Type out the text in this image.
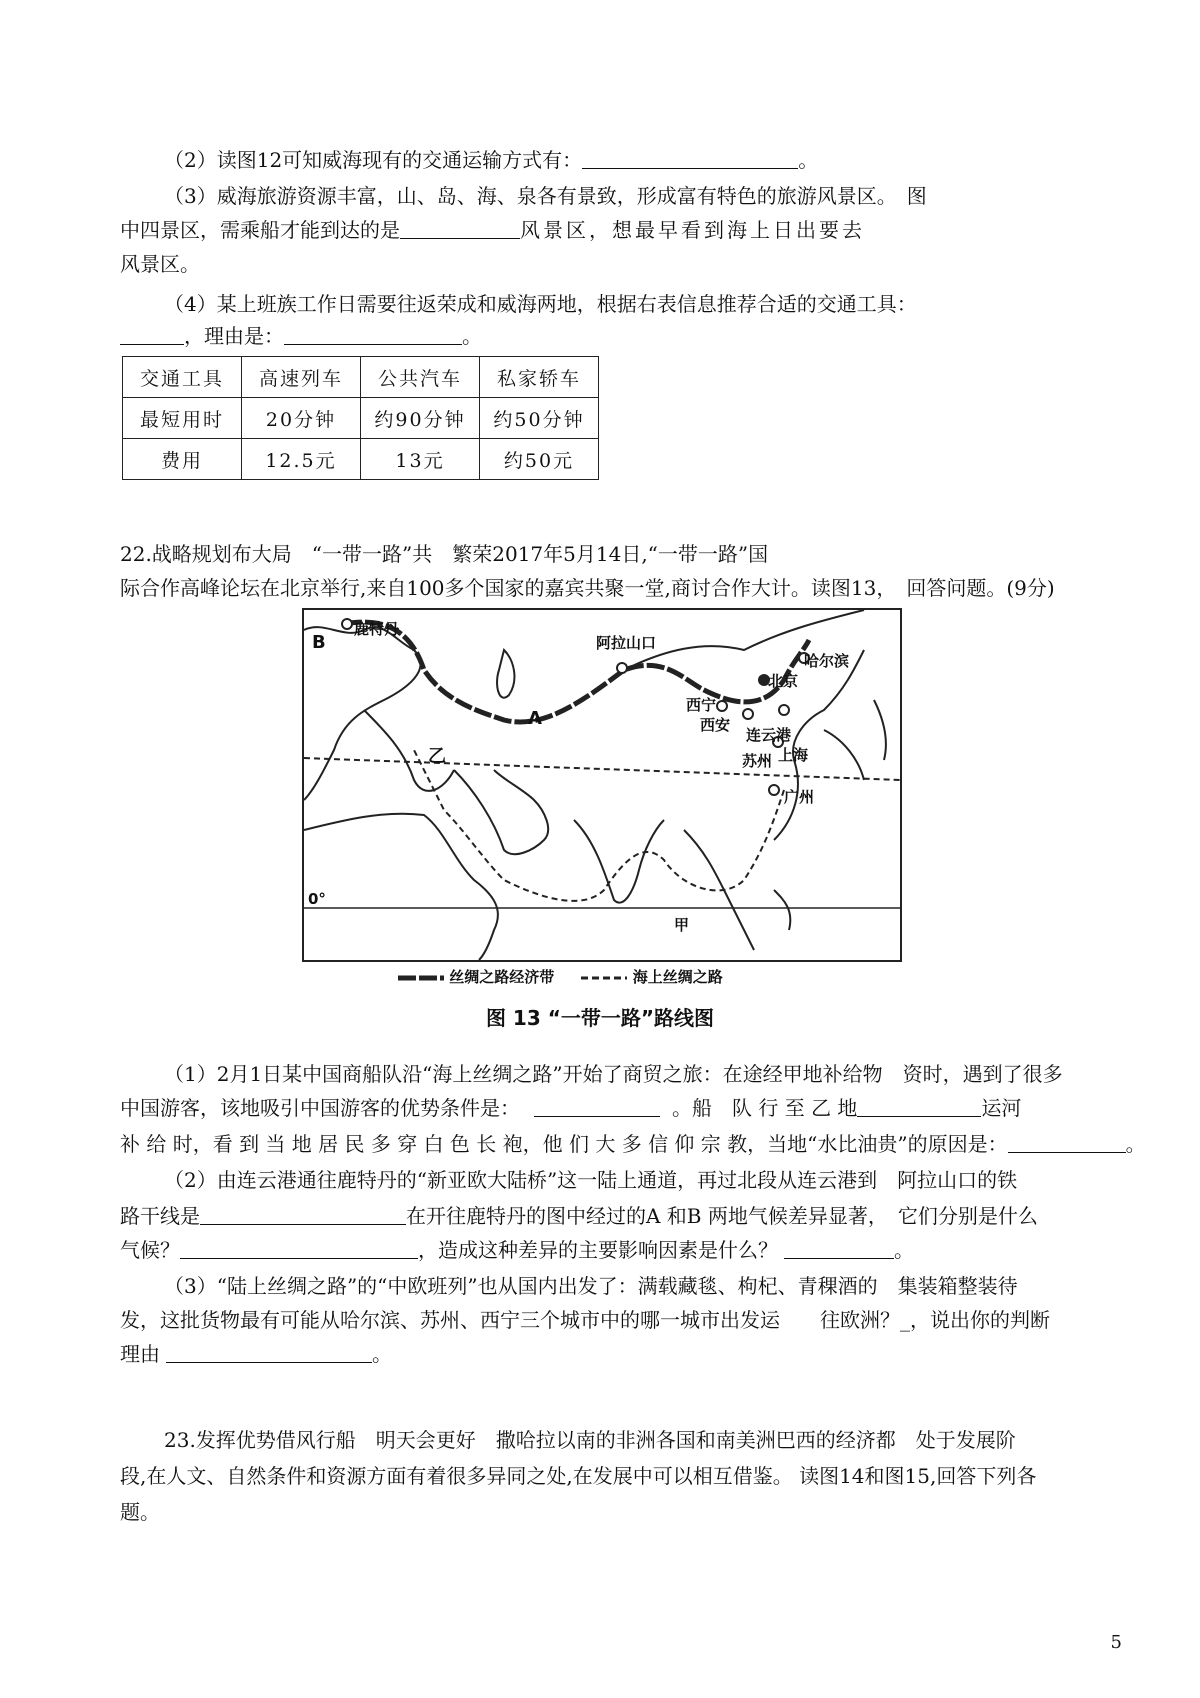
（2）读图12可知威海现有的交通运输方式有：	。
（3）威海旅游资源丰富，山、岛、海、泉各有景致，形成富有特色的旅游风景区。　图
中四景区，需乘船才能到达的是	风景区，想最早看到海上日出要去
风景区。
（4）某上班族工作日需要往返荣成和威海两地，根据右表信息推荐合适的交通工具：
，理由是：	。
交通工具	高速列车	公共汽车	私家轿车
最短用时	20分钟	约90分钟	约50分钟
费用	12.5元	13元	约50元
22.战略规划布大局　“一带一路”共　繁荣2017年5月14日,“一带一路”国
际合作高峰论坛在北京举行,来自100多个国家的嘉宾共聚一堂,商讨合作大计。读图13，　回答问题。(9分)
B
鹿特丹
阿拉山口
哈尔滨
北京
西宁
西安
连云港
苏州 上海
广州
A
乙
甲
0°
丝绸之路经济带	海上丝绸之路
图 13 “一带一路”路线图
（1）2月1日某中国商船队沿“海上丝绸之路”开始了商贸之旅：在途经甲地补给物　资时，遇到了很多
中国游客，该地吸引中国游客的优势条件是：	。船　队 行 至 乙 地	运河
补 给 时，看 到 当 地 居 民 多 穿 白 色 长 袍，他 们 大 多 信 仰 宗 教，当地“水比油贵”的原因是：	。
（2）由连云港通往鹿特丹的“新亚欧大陆桥”这一陆上通道，再过北段从连云港到　阿拉山口的铁
路干线是	在开往鹿特丹的图中经过的A 和B 两地气候差异显著，　它们分别是什么
气候？	，造成这种差异的主要影响因素是什么？	。
（3）“陆上丝绸之路”的“中欧班列”也从国内出发了：满载藏毯、枸杞、青稞酒的　集装箱整装待
发，这批货物最有可能从哈尔滨、苏州、西宁三个城市中的哪一城市出发运　　往欧洲？_，说出你的判断
理由	。
23.发挥优势借风行船　明天会更好　撒哈拉以南的非洲各国和南美洲巴西的经济都　处于发展阶
段,在人文、自然条件和资源方面有着很多异同之处,在发展中可以相互借鉴。 读图14和图15,回答下列各
题。
5
